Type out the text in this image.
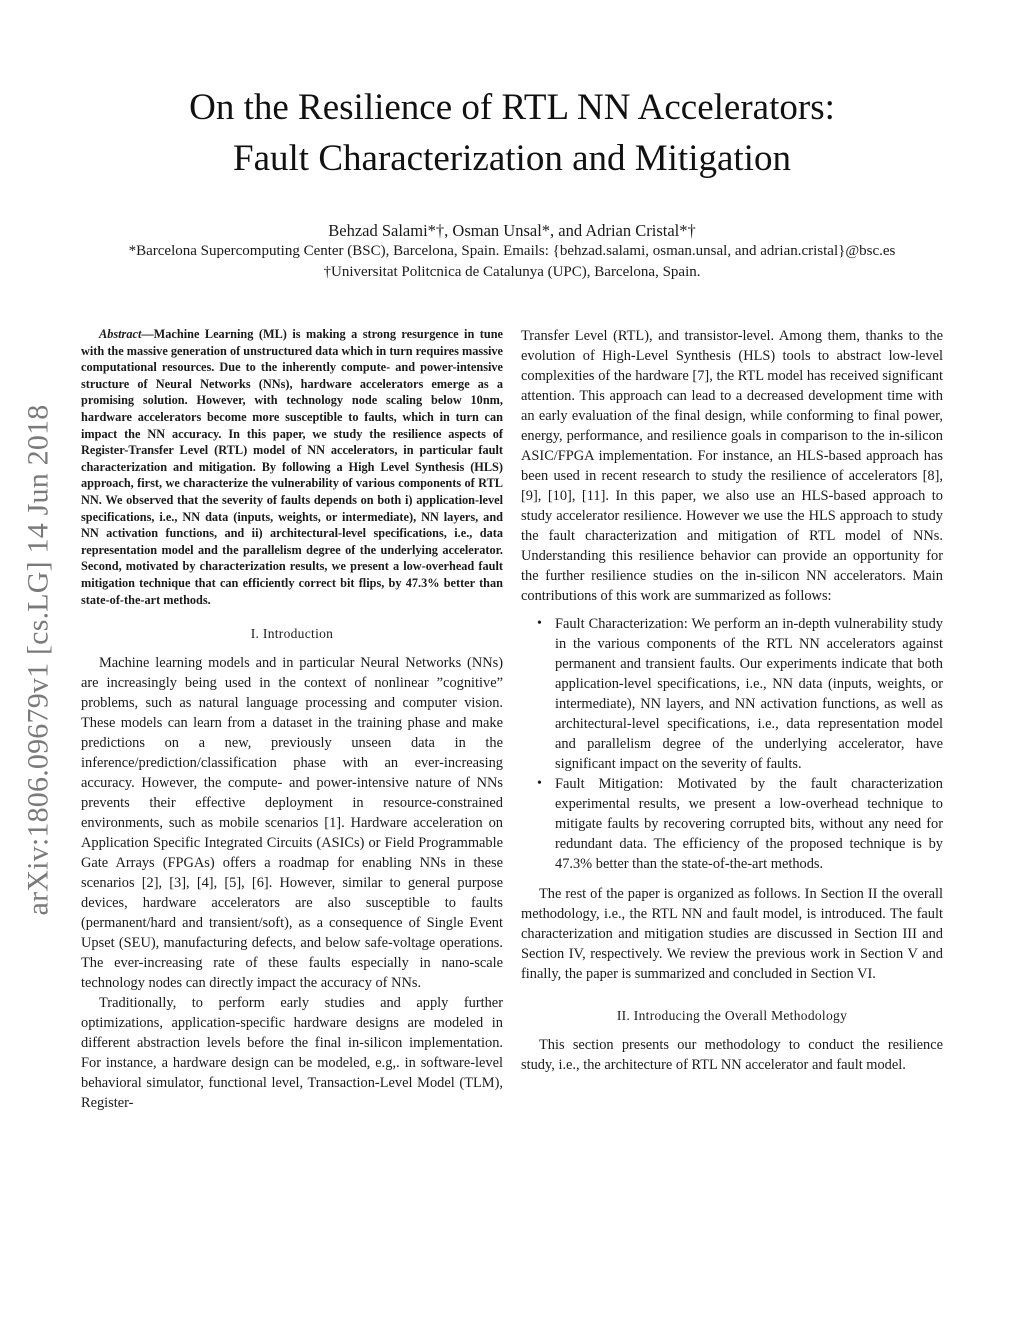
On the Resilience of RTL NN Accelerators:
Fault Characterization and Mitigation
Behzad Salami*†, Osman Unsal*, and Adrian Cristal*†
*Barcelona Supercomputing Center (BSC), Barcelona, Spain. Emails: {behzad.salami, osman.unsal, and adrian.cristal}@bsc.es
†Universitat Politcnica de Catalunya (UPC), Barcelona, Spain.
arXiv:1806.09679v1 [cs.LG] 14 Jun 2018
Abstract—Machine Learning (ML) is making a strong resurgence in tune with the massive generation of unstructured data which in turn requires massive computational resources. Due to the inherently compute- and power-intensive structure of Neural Networks (NNs), hardware accelerators emerge as a promising solution. However, with technology node scaling below 10nm, hardware accelerators become more susceptible to faults, which in turn can impact the NN accuracy. In this paper, we study the resilience aspects of Register-Transfer Level (RTL) model of NN accelerators, in particular fault characterization and mitigation. By following a High Level Synthesis (HLS) approach, first, we characterize the vulnerability of various components of RTL NN. We observed that the severity of faults depends on both i) application-level specifications, i.e., NN data (inputs, weights, or intermediate), NN layers, and NN activation functions, and ii) architectural-level specifications, i.e., data representation model and the parallelism degree of the underlying accelerator. Second, motivated by characterization results, we present a low-overhead fault mitigation technique that can efficiently correct bit flips, by 47.3% better than state-of-the-art methods.
I. Introduction

Machine learning models and in particular Neural Networks (NNs) are increasingly being used in the context of nonlinear ”cognitive” problems, such as natural language processing and computer vision. These models can learn from a dataset in the training phase and make predictions on a new, previously unseen data in the inference/prediction/classification phase with an ever-increasing accuracy. However, the compute- and power-intensive nature of NNs prevents their effective deployment in resource-constrained environments, such as mobile scenarios [1]. Hardware acceleration on Application Specific Integrated Circuits (ASICs) or Field Programmable Gate Arrays (FPGAs) offers a roadmap for enabling NNs in these scenarios [2], [3], [4], [5], [6]. However, similar to general purpose devices, hardware accelerators are also susceptible to faults (permanent/hard and transient/soft), as a consequence of Single Event Upset (SEU), manufacturing defects, and below safe-voltage operations. The ever-increasing rate of these faults especially in nano-scale technology nodes can directly impact the accuracy of NNs.

Traditionally, to perform early studies and apply further optimizations, application-specific hardware designs are modeled in different abstraction levels before the final in-silicon implementation. For instance, a hardware design can be modeled, e.g,. in software-level behavioral simulator, functional level, Transaction-Level Model (TLM), Register-

Transfer Level (RTL), and transistor-level. Among them, thanks to the evolution of High-Level Synthesis (HLS) tools to abstract low-level complexities of the hardware [7], the RTL model has received significant attention. This approach can lead to a decreased development time with an early evaluation of the final design, while conforming to final power, energy, performance, and resilience goals in comparison to the in-silicon ASIC/FPGA implementation. For instance, an HLS-based approach has been used in recent research to study the resilience of accelerators [8], [9], [10], [11]. In this paper, we also use an HLS-based approach to study accelerator resilience. However we use the HLS approach to study the fault characterization and mitigation of RTL model of NNs. Understanding this resilience behavior can provide an opportunity for the further resilience studies on the in-silicon NN accelerators. Main contributions of this work are summarized as follows:

• Fault Characterization: We perform an in-depth vulnerability study in the various components of the RTL NN accelerators against permanent and transient faults. Our experiments indicate that both application-level specifications, i.e., NN data (inputs, weights, or intermediate), NN layers, and NN activation functions, as well as architectural-level specifications, i.e., data representation model and parallelism degree of the underlying accelerator, have significant impact on the severity of faults.
• Fault Mitigation: Motivated by the fault characterization experimental results, we present a low-overhead technique to mitigate faults by recovering corrupted bits, without any need for redundant data. The efficiency of the proposed technique is by 47.3% better than the state-of-the-art methods.

The rest of the paper is organized as follows. In Section II the overall methodology, i.e., the RTL NN and fault model, is introduced. The fault characterization and mitigation studies are discussed in Section III and Section IV, respectively. We review the previous work in Section V and finally, the paper is summarized and concluded in Section VI.

II. Introducing the Overall Methodology

This section presents our methodology to conduct the resilience study, i.e., the architecture of RTL NN accelerator and fault model.
